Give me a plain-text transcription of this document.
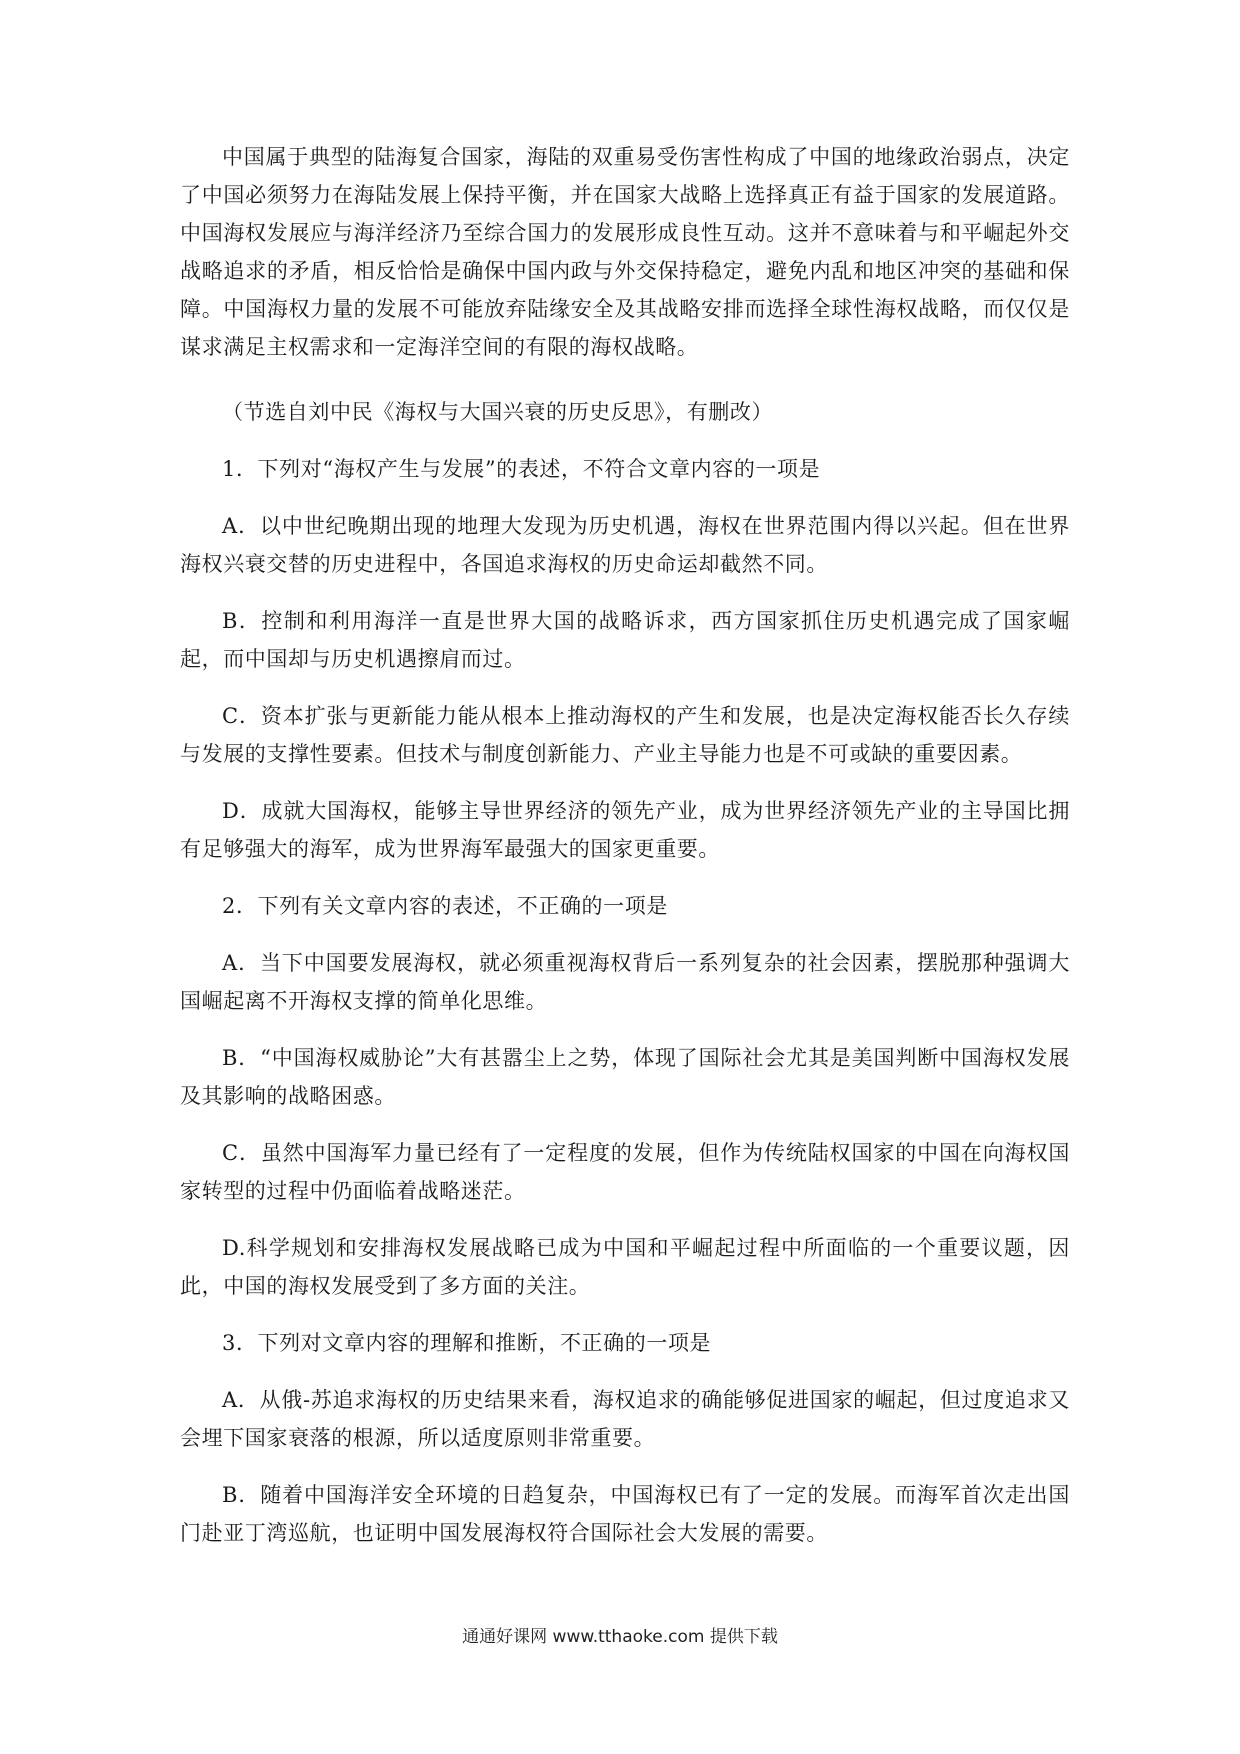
中国属于典型的陆海复合国家，海陆的双重易受伤害性构成了中国的地缘政治弱点，决定了中国必须努力在海陆发展上保持平衡，并在国家大战略上选择真正有益于国家的发展道路。中国海权发展应与海洋经济乃至综合国力的发展形成良性互动。这并不意味着与和平崛起外交战略追求的矛盾，相反恰恰是确保中国内政与外交保持稳定，避免内乱和地区冲突的基础和保障。中国海权力量的发展不可能放弃陆缘安全及其战略安排而选择全球性海权战略，而仅仅是谋求满足主权需求和一定海洋空间的有限的海权战略。

（节选自刘中民《海权与大国兴衰的历史反思》，有删改）

1．下列对“海权产生与发展”的表述，不符合文章内容的一项是

A．以中世纪晚期出现的地理大发现为历史机遇，海权在世界范围内得以兴起。但在世界海权兴衰交替的历史进程中，各国追求海权的历史命运却截然不同。

B．控制和利用海洋一直是世界大国的战略诉求，西方国家抓住历史机遇完成了国家崛起，而中国却与历史机遇擦肩而过。

C．资本扩张与更新能力能从根本上推动海权的产生和发展，也是决定海权能否长久存续与发展的支撑性要素。但技术与制度创新能力、产业主导能力也是不可或缺的重要因素。

D．成就大国海权，能够主导世界经济的领先产业，成为世界经济领先产业的主导国比拥有足够强大的海军，成为世界海军最强大的国家更重要。

2．下列有关文章内容的表述，不正确的一项是

A．当下中国要发展海权，就必须重视海权背后一系列复杂的社会因素，摆脱那种强调大国崛起离不开海权支撑的简单化思维。

B．“中国海权威胁论”大有甚嚣尘上之势，体现了国际社会尤其是美国判断中国海权发展及其影响的战略困惑。

C．虽然中国海军力量已经有了一定程度的发展，但作为传统陆权国家的中国在向海权国家转型的过程中仍面临着战略迷茫。

D.科学规划和安排海权发展战略已成为中国和平崛起过程中所面临的一个重要议题，因此，中国的海权发展受到了多方面的关注。

3．下列对文章内容的理解和推断，不正确的一项是

A．从俄-苏追求海权的历史结果来看，海权追求的确能够促进国家的崛起，但过度追求又会埋下国家衰落的根源，所以适度原则非常重要。

B．随着中国海洋安全环境的日趋复杂，中国海权已有了一定的发展。而海军首次走出国门赴亚丁湾巡航，也证明中国发展海权符合国际社会大发展的需要。

通通好课网 www.tthaoke.com 提供下载
